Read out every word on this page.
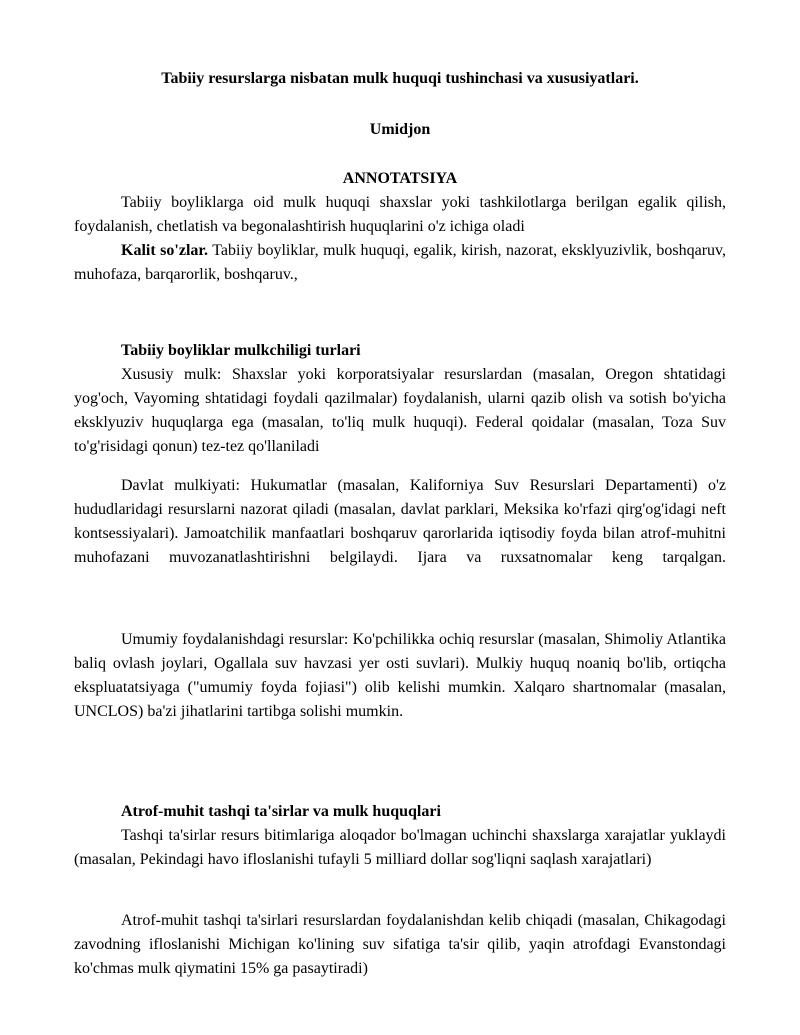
Tabiiy resurslarga nisbatan mulk huquqi tushinchasi va xususiyatlari.

Umidjon

ANNOTATSIYA

Tabiiy boyliklarga oid mulk huquqi shaxslar yoki tashkilotlarga berilgan egalik qilish, foydalanish, chetlatish va begonalashtirish huquqlarini o'z ichiga oladi

Kalit so'zlar. Tabiiy boyliklar, mulk huquqi, egalik, kirish, nazorat, eksklyuzivlik, boshqaruv, muhofaza, barqarorlik, boshqaruv.,

Tabiiy boyliklar mulkchiligi turlari

Xususiy mulk: Shaxslar yoki korporatsiyalar resurslardan (masalan, Oregon shtatidagi yog'och, Vayoming shtatidagi foydali qazilmalar) foydalanish, ularni qazib olish va sotish bo'yicha eksklyuziv huquqlarga ega (masalan, to'liq mulk huquqi). Federal qoidalar (masalan, Toza Suv to'g'risidagi qonun) tez-tez qo'llaniladi

Davlat mulkiyati: Hukumatlar (masalan, Kaliforniya Suv Resurslari Departamenti) o'z hududlaridagi resurslarni nazorat qiladi (masalan, davlat parklari, Meksika ko'rfazi qirg'og'idagi neft kontsessiyalari). Jamoatchilik manfaatlari boshqaruv qarorlarida iqtisodiy foyda bilan atrof-muhitni muhofazani muvozanatlashtirishni belgilaydi. Ijara va ruxsatnomalar keng tarqalgan.

Umumiy foydalanishdagi resurslar: Ko'pchilikka ochiq resurslar (masalan, Shimoliy Atlantika baliq ovlash joylari, Ogallala suv havzasi yer osti suvlari). Mulkiy huquq noaniq bo'lib, ortiqcha ekspluatatsiyaga ("umumiy foyda fojiasi") olib kelishi mumkin. Xalqaro shartnomalar (masalan, UNCLOS) ba'zi jihatlarini tartibga solishi mumkin.

Atrof-muhit tashqi ta'sirlar va mulk huquqlari

Tashqi ta'sirlar resurs bitimlariga aloqador bo'lmagan uchinchi shaxslarga xarajatlar yuklaydi (masalan, Pekindagi havo ifloslanishi tufayli 5 milliard dollar sog'liqni saqlash xarajatlari)

Atrof-muhit tashqi ta'sirlari resurslardan foydalanishdan kelib chiqadi (masalan, Chikagodagi zavodning ifloslanishi Michigan ko'lining suv sifatiga ta'sir qilib, yaqin atrofdagi Evanstondagi ko'chmas mulk qiymatini 15% ga pasaytiradi)
